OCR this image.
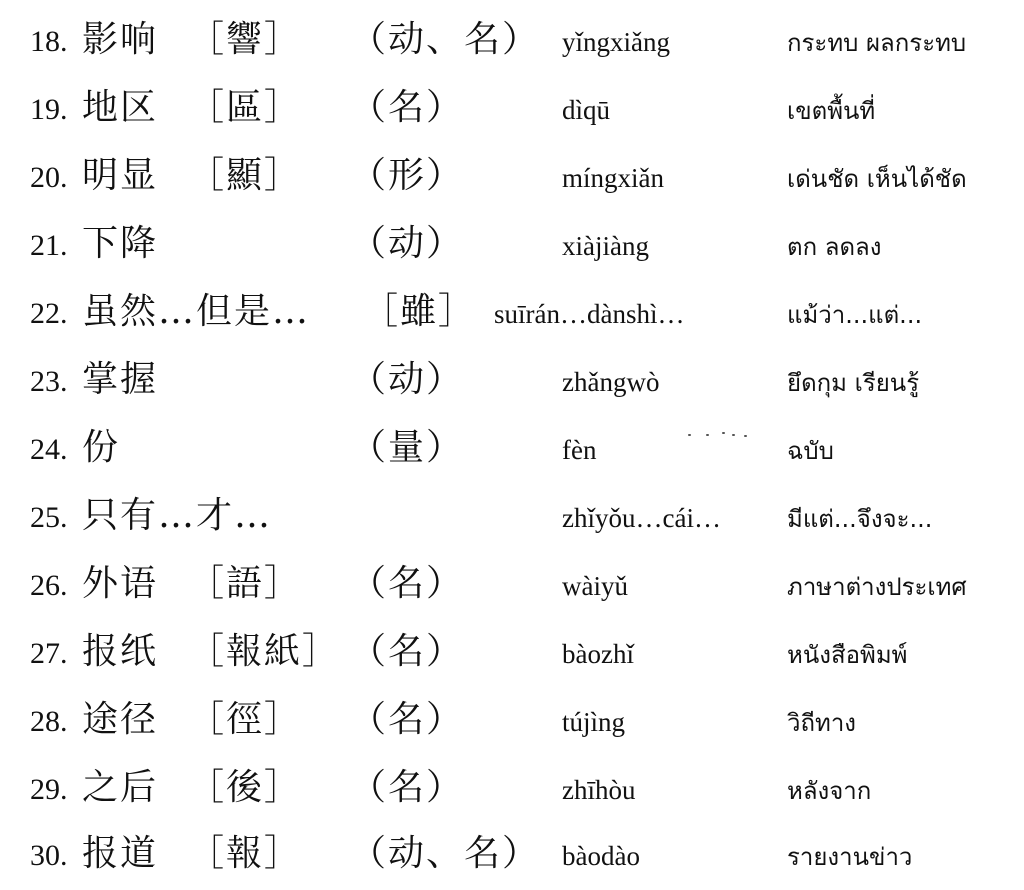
18. 影响 ［響］ （动、名） yǐngxiǎng	กระทบ ผลกระทบ
19. 地区 ［區］ （名）	dìqū	เขตพื้นที่
20. 明显 ［顯］ （形）	míngxiǎn	เด่นชัด เห็นได้ชัด
21. 下降	（动）	xiàjiàng	ตก ลดลง
22. 虽然…但是… ［雖］ suīrán…dànshì…	แม้ว่า...แต่...
23. 掌握	（动）	zhǎngwò	ยึดกุม เรียนรู้
24. 份	（量）	fèn	ฉบับ
25. 只有…才…	zhǐyǒu…cái…	มีแต่...จึงจะ...
26. 外语 ［語］ （名）	wàiyǔ	ภาษาต่างประเทศ
27. 报纸 ［報紙］ （名）	bàozhǐ	หนังสือพิมพ์
28. 途径 ［徑］ （名）	tújìng	วิถีทาง
29. 之后 ［後］ （名）	zhīhòu	หลังจาก
30. 报道 ［報］ （动、名） bàodào	รายงานข่าว
